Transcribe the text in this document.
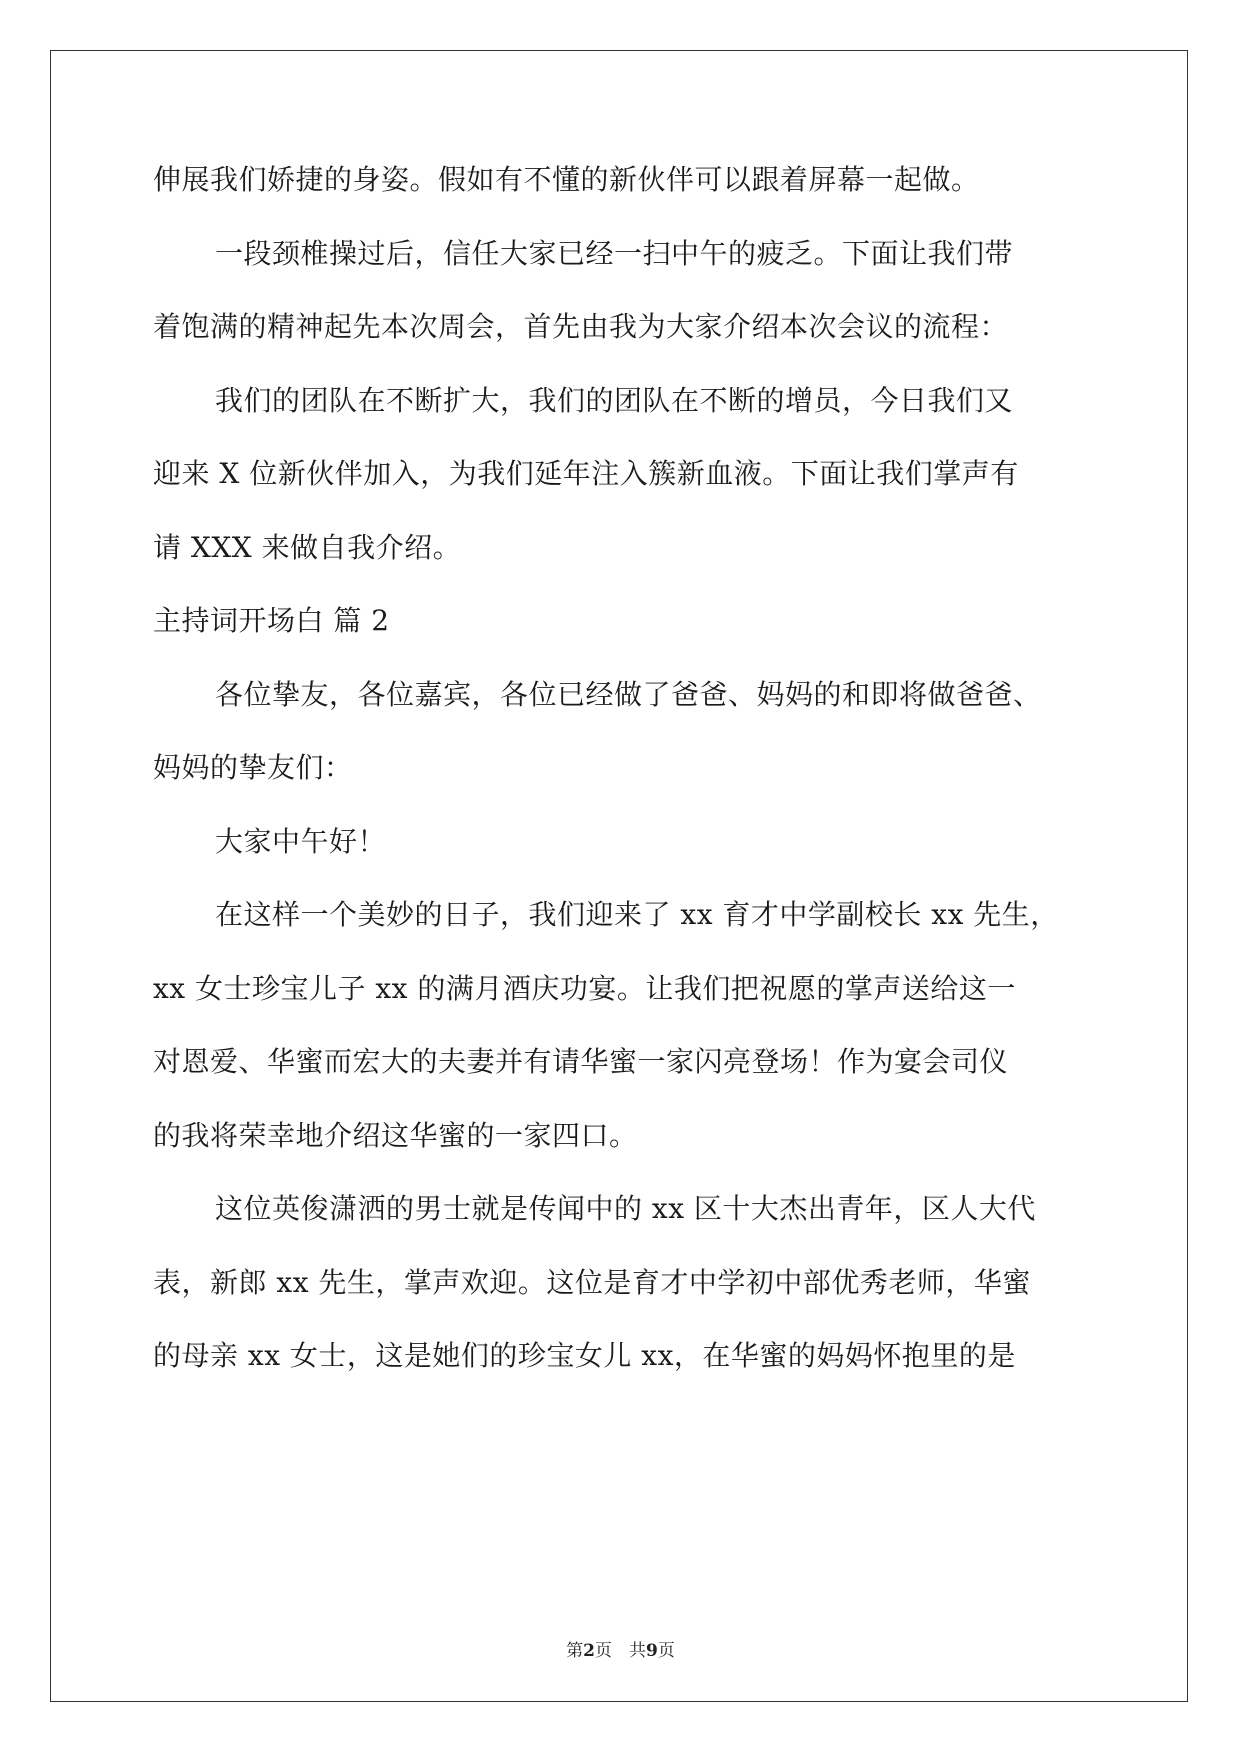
伸展我们娇捷的身姿。假如有不懂的新伙伴可以跟着屏幕一起做。
一段颈椎操过后，信任大家已经一扫中午的疲乏。下面让我们带
着饱满的精神起先本次周会，首先由我为大家介绍本次会议的流程：
我们的团队在不断扩大，我们的团队在不断的增员，今日我们又
迎来 X 位新伙伴加入，为我们延年注入簇新血液。下面让我们掌声有
请 XXX 来做自我介绍。
主持词开场白 篇 2
各位挚友，各位嘉宾，各位已经做了爸爸、妈妈的和即将做爸爸、
妈妈的挚友们：
大家中午好！
在这样一个美妙的日子，我们迎来了 xx 育才中学副校长 xx 先生，
xx 女士珍宝儿子 xx 的满月酒庆功宴。让我们把祝愿的掌声送给这一
对恩爱、华蜜而宏大的夫妻并有请华蜜一家闪亮登场！作为宴会司仪
的我将荣幸地介绍这华蜜的一家四口。
这位英俊潇洒的男士就是传闻中的 xx 区十大杰出青年，区人大代
表，新郎 xx 先生，掌声欢迎。这位是育才中学初中部优秀老师，华蜜
的母亲 xx 女士，这是她们的珍宝女儿 xx，在华蜜的妈妈怀抱里的是
第2页　共9页
